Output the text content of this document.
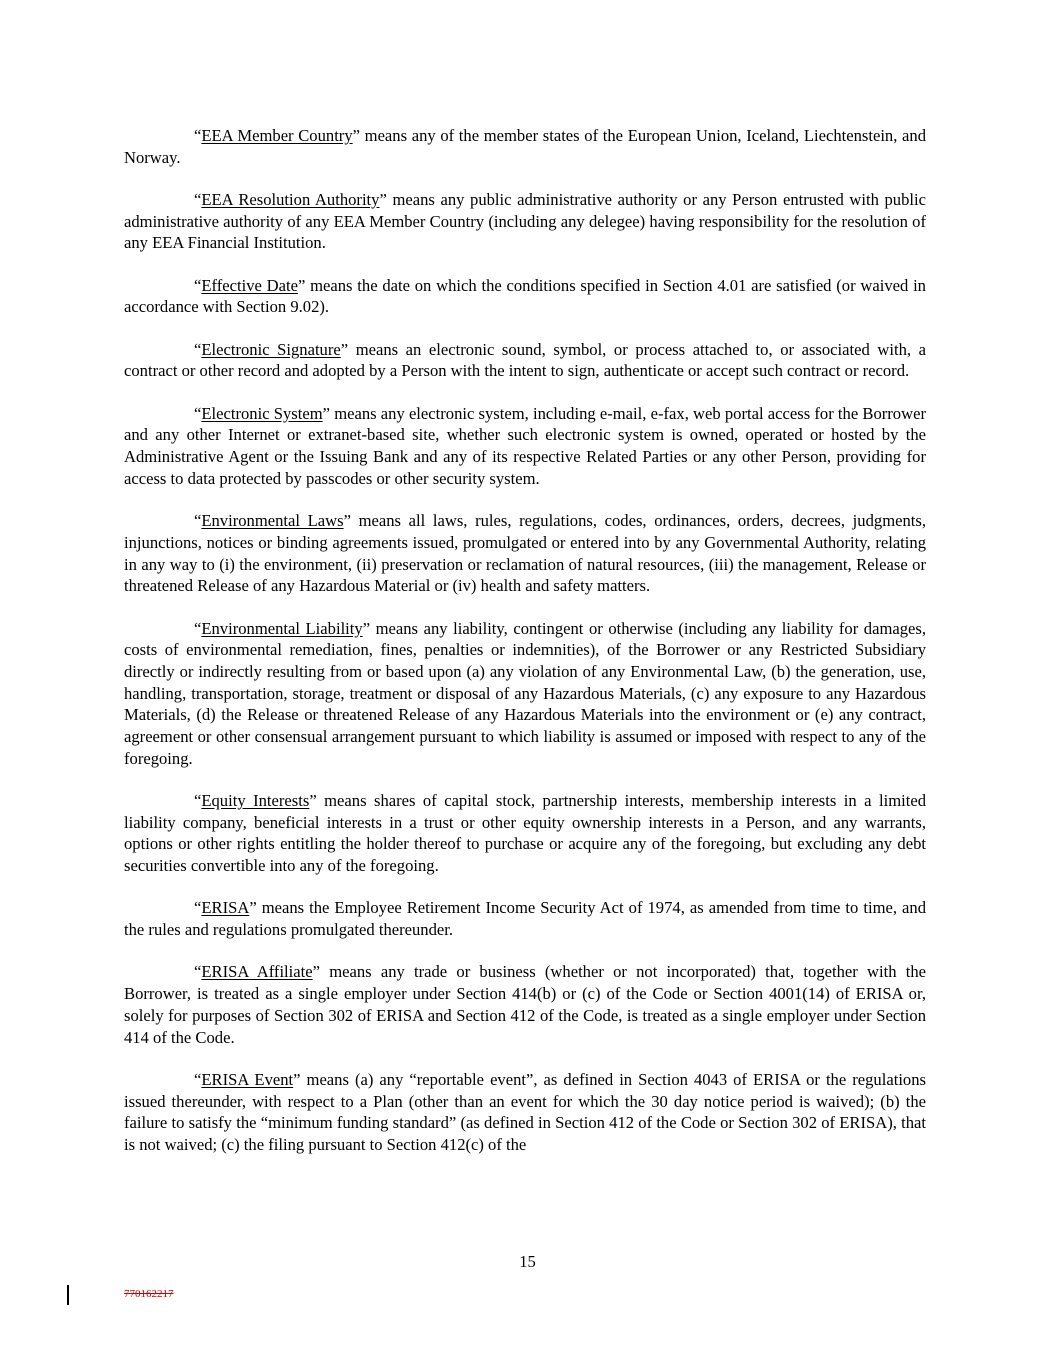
“EEA Member Country” means any of the member states of the European Union, Iceland, Liechtenstein, and Norway.

“EEA Resolution Authority” means any public administrative authority or any Person entrusted with public administrative authority of any EEA Member Country (including any delegee) having responsibility for the resolution of any EEA Financial Institution.

“Effective Date” means the date on which the conditions specified in Section 4.01 are satisfied (or waived in accordance with Section 9.02).

“Electronic Signature” means an electronic sound, symbol, or process attached to, or associated with, a contract or other record and adopted by a Person with the intent to sign, authenticate or accept such contract or record.

“Electronic System” means any electronic system, including e-mail, e-fax, web portal access for the Borrower and any other Internet or extranet-based site, whether such electronic system is owned, operated or hosted by the Administrative Agent or the Issuing Bank and any of its respective Related Parties or any other Person, providing for access to data protected by passcodes or other security system.

“Environmental Laws” means all laws, rules, regulations, codes, ordinances, orders, decrees, judgments, injunctions, notices or binding agreements issued, promulgated or entered into by any Governmental Authority, relating in any way to (i) the environment, (ii) preservation or reclamation of natural resources, (iii) the management, Release or threatened Release of any Hazardous Material or (iv) health and safety matters.

“Environmental Liability” means any liability, contingent or otherwise (including any liability for damages, costs of environmental remediation, fines, penalties or indemnities), of the Borrower or any Restricted Subsidiary directly or indirectly resulting from or based upon (a) any violation of any Environmental Law, (b) the generation, use, handling, transportation, storage, treatment or disposal of any Hazardous Materials, (c) any exposure to any Hazardous Materials, (d) the Release or threatened Release of any Hazardous Materials into the environment or (e) any contract, agreement or other consensual arrangement pursuant to which liability is assumed or imposed with respect to any of the foregoing.

“Equity Interests” means shares of capital stock, partnership interests, membership interests in a limited liability company, beneficial interests in a trust or other equity ownership interests in a Person, and any warrants, options or other rights entitling the holder thereof to purchase or acquire any of the foregoing, but excluding any debt securities convertible into any of the foregoing.

“ERISA” means the Employee Retirement Income Security Act of 1974, as amended from time to time, and the rules and regulations promulgated thereunder.

“ERISA Affiliate” means any trade or business (whether or not incorporated) that, together with the Borrower, is treated as a single employer under Section 414(b) or (c) of the Code or Section 4001(14) of ERISA or, solely for purposes of Section 302 of ERISA and Section 412 of the Code, is treated as a single employer under Section 414 of the Code.

“ERISA Event” means (a) any “reportable event”, as defined in Section 4043 of ERISA or the regulations issued thereunder, with respect to a Plan (other than an event for which the 30 day notice period is waived); (b) the failure to satisfy the “minimum funding standard” (as defined in Section 412 of the Code or Section 302 of ERISA), that is not waived; (c) the filing pursuant to Section 412(c) of the

15
770162217
